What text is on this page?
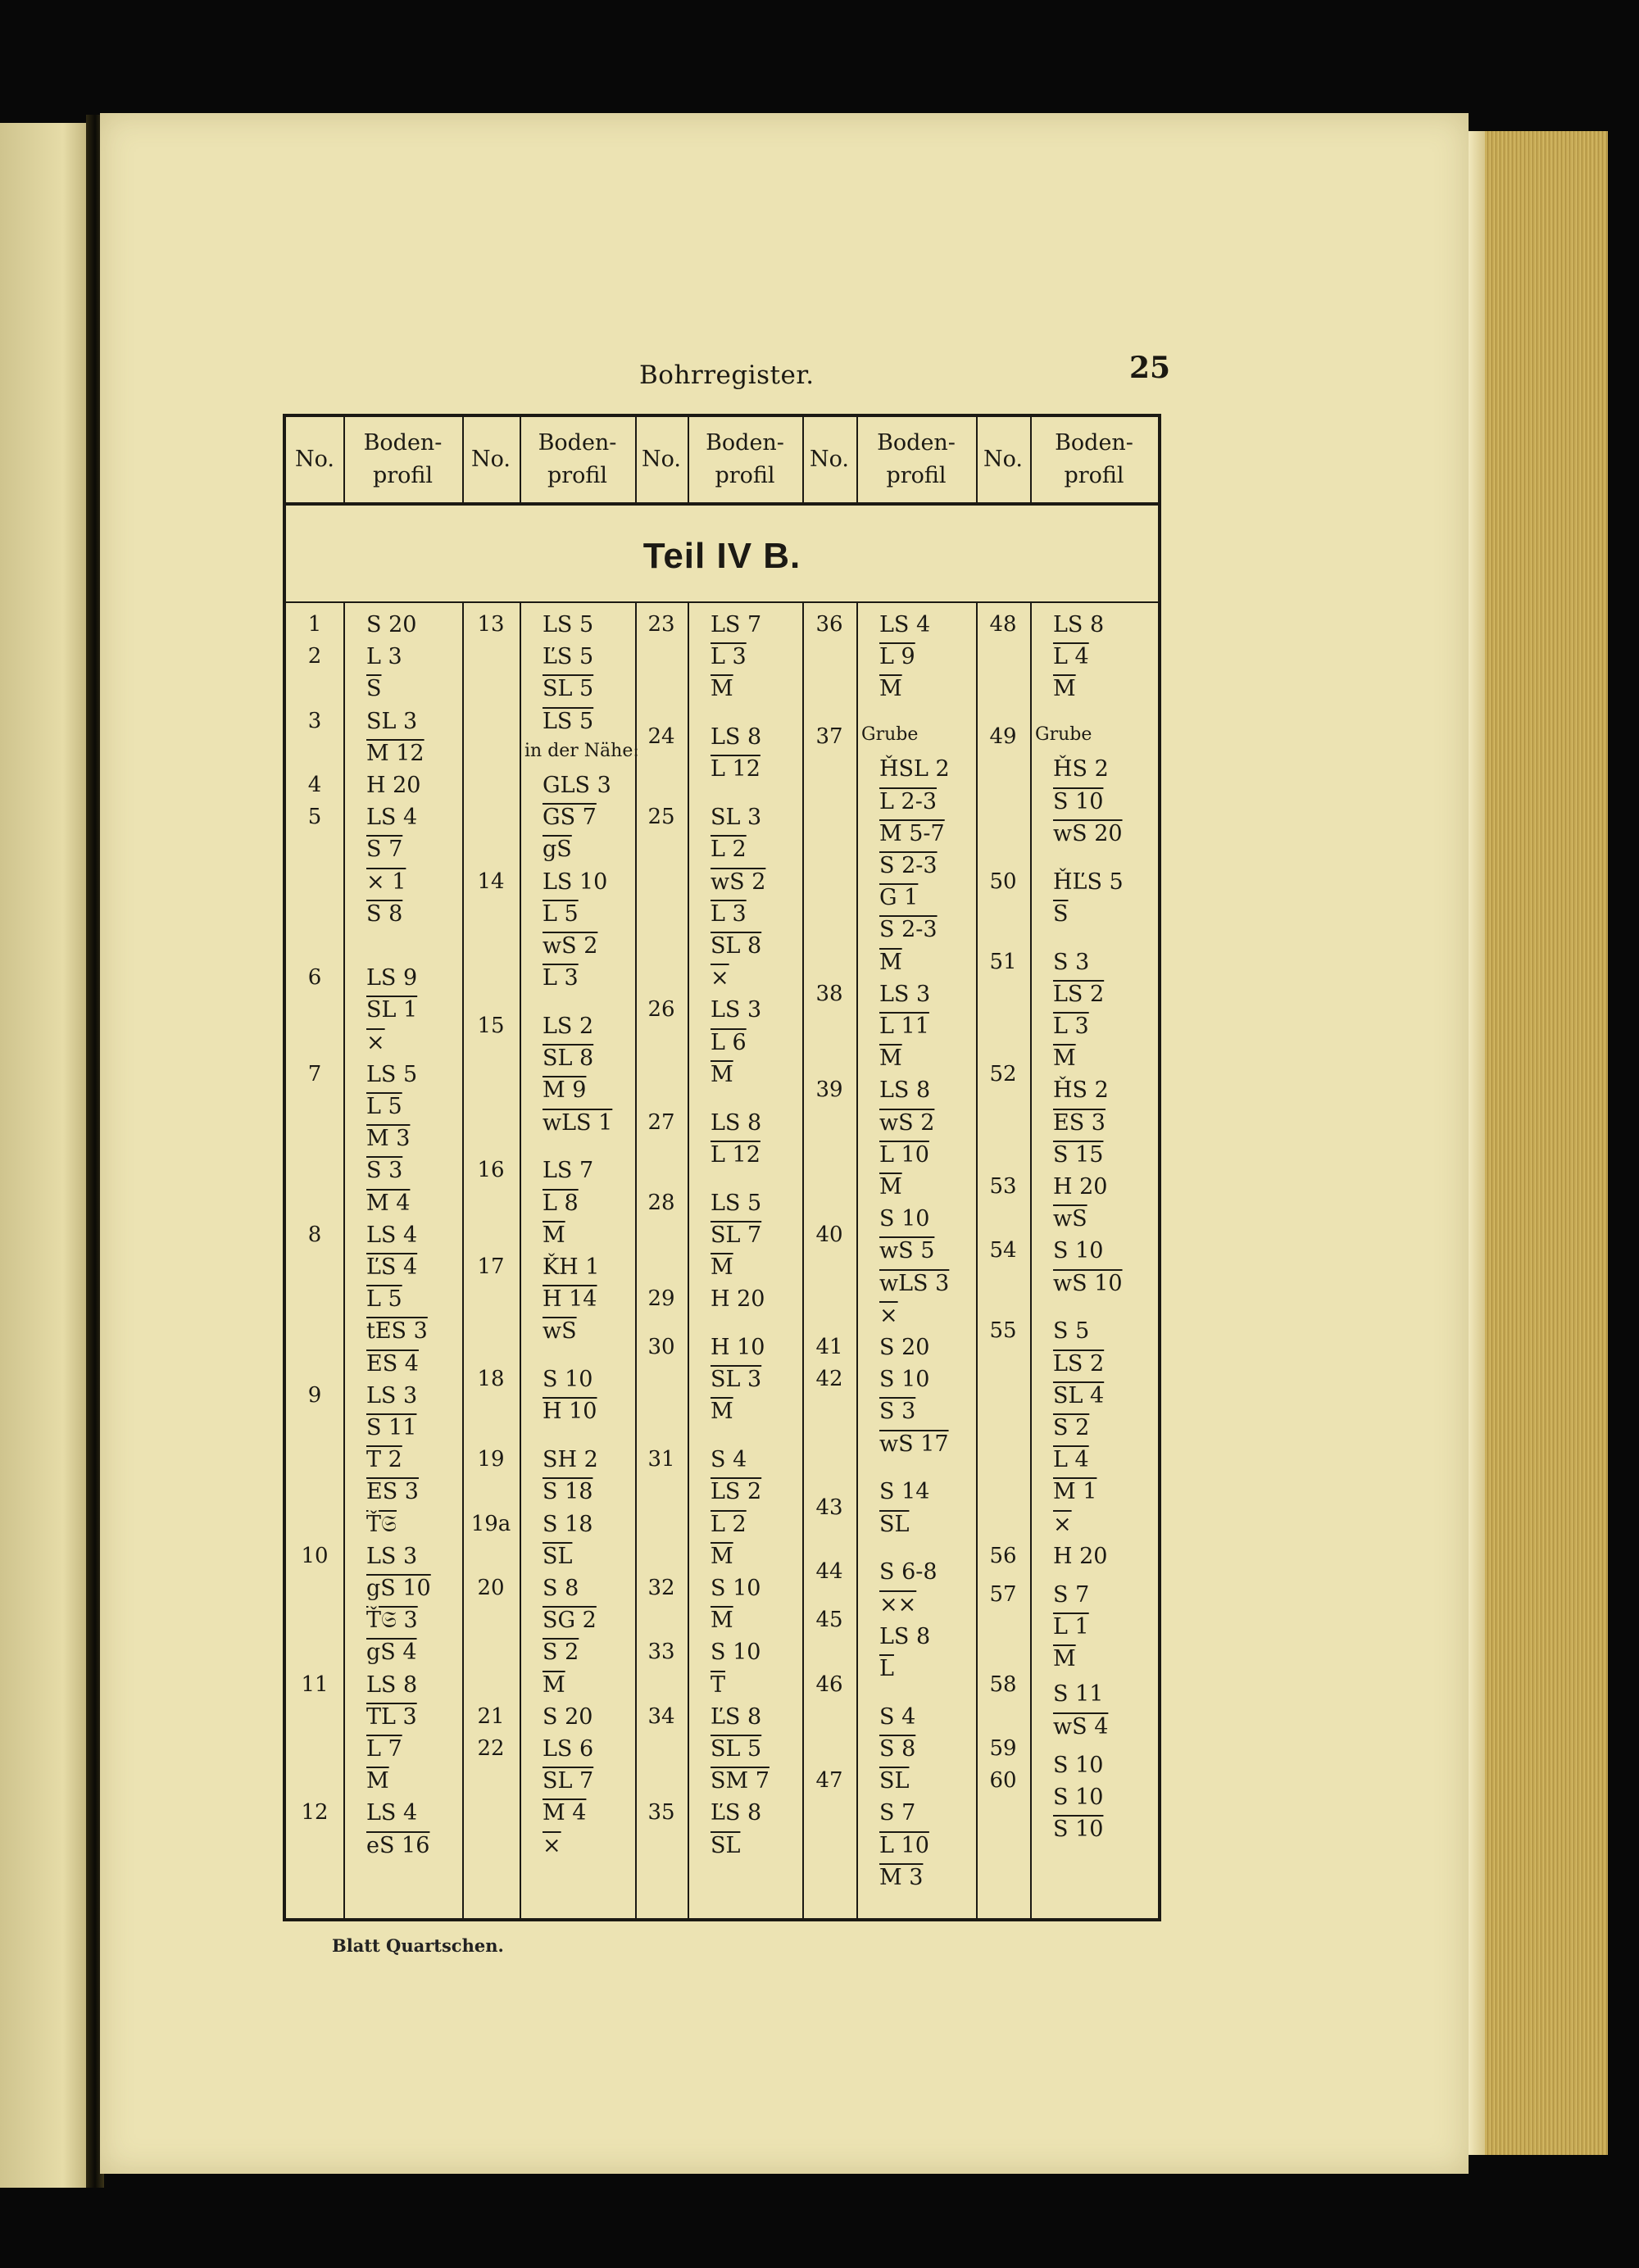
Bohrregister.	25
Teil IV B.
No.
Boden-
profil
No.
Boden-
profil
No.
Boden-
profil
No.
Boden-
profil
No.
Boden-
profil
1
2
3
4
5
6
7
8
9
10
11
12
S 20
L 3
$\overline{S}$
SL 3
M 12
H 20
LS 4
S 7
× 1
S 8
LS 9
SL 1
×
LS 5
L 5
M 3
S 3
M 4
LS 4
ĽS 4
L 5
tES 3
ES 4
LS 3
S 11
T 2
ES 3
Ť𝔖
LS 3
gS 10
Ť𝔖 3
gS 4
LS 8
TL 3
L 7
$\overline{M}$
LS 4
eS 16
13
14
15
16
17
18
19
19a
20
21
22
LS 5
ĽS 5
SL 5
LS 5
in der Nähe:
GLS 3
GS 7
$\overline{gS}$
LS 10
L 5
wS 2
L 3
LS 2
SL 8
M 9
wLS 1
LS 7
L 8
$\overline{M}$
ǨH 1
H 14
$\overline{wS}$
S 10
H 10
SH 2
S 18
S 18
$\overline{SL}$
S 8
SG 2
S 2
$\overline{M}$
S 20
LS 6
SL 7
M 4
×
23
24
25
26
27
28
29
30
31
32
33
34
35
LS 7
L 3
$\overline{M}$
LS 8
L 12
SL 3
L 2
wS 2
L 3
SL 8
×
LS 3
L 6
$\overline{M}$
LS 8
L 12
LS 5
SL 7
$\overline{M}$
H 20
H 10
SL 3
$\overline{M}$
S 4
LS 2
L 2
$\overline{M}$
S 10
$\overline{M}$
S 10
$\overline{T}$
ĽS 8
SL 5
SM 7
ĽS 8
$\overline{SL}$
36
37
38
39
40
41
42
43
44
45
46
47
LS 4
L 9
$\overline{M}$
Grube
ȞSL 2
L 2-3
M 5-7
S 2-3
G 1
S 2-3
$\overline{M}$
LS 3
L 11
$\overline{M}$
LS 8
wS 2
L 10
$\overline{M}$
S 10
wS 5
wLS 3
×
S 20
S 10
S 3
wS 17
S 14
$\overline{SL}$
S 6-8
××
LS 8
$\overline{L}$
S 4
S 8
$\overline{SL}$
S 7
L 10
M 3
48
49
50
51
52
53
54
55
56
57
58
59
60
LS 8
L 4
$\overline{M}$
Grube
ȞS 2
S 10
wS 20
ȞĽS 5
$\overline{S}$
S 3
LS 2
L 3
$\overline{M}$
ȞS 2
ES 3
S 15
H 20
$\overline{wS}$
S 10
wS 10
S 5
LS 2
SL 4
S 2
L 4
M 1
×
H 20
S 7
L 1
$\overline{M}$
S 11
wS 4
S 10
S 10
S 10
Blatt Quartschen.
